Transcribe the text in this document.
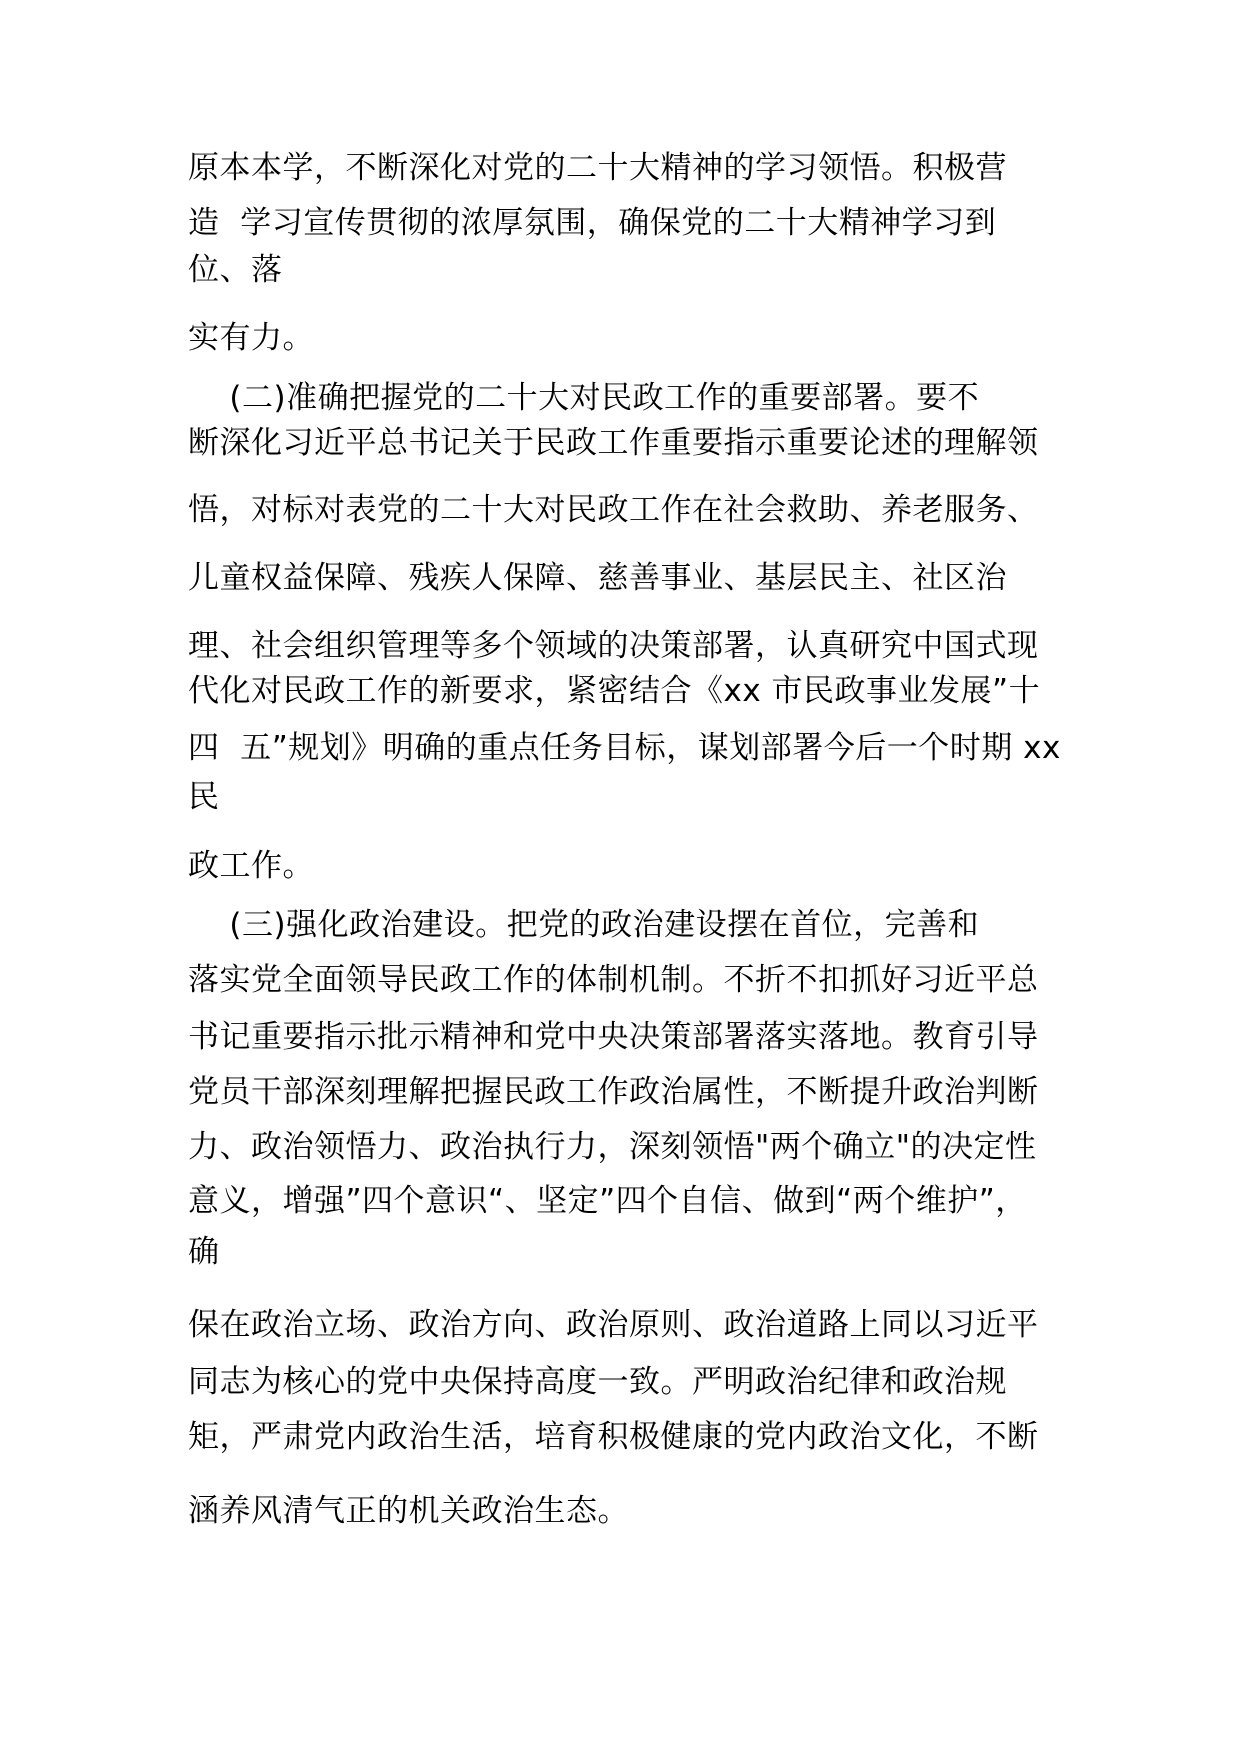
原本本学，不断深化对党的二十大精神的学习领悟。积极营
造  学习宣传贯彻的浓厚氛围，确保党的二十大精神学习到
位、落
实有力。
(二)准确把握党的二十大对民政工作的重要部署。要不
断深化习近平总书记关于民政工作重要指示重要论述的理解领
悟，对标对表党的二十大对民政工作在社会救助、养老服务、
儿童权益保障、残疾人保障、慈善事业、基层民主、社区治
理、社会组织管理等多个领域的决策部署，认真研究中国式现
代化对民政工作的新要求，紧密结合《xx 市民政事业发展”十
四  五”规划》明确的重点任务目标，谋划部署今后一个时期 xx
民
政工作。
(三)强化政治建设。把党的政治建设摆在首位，完善和
落实党全面领导民政工作的体制机制。不折不扣抓好习近平总
书记重要指示批示精神和党中央决策部署落实落地。教育引导
党员干部深刻理解把握民政工作政治属性，不断提升政治判断
力、政治领悟力、政治执行力，深刻领悟"两个确立"的决定性
意义，增强”四个意识“、坚定”四个自信、做到“两个维护”，
确
保在政治立场、政治方向、政治原则、政治道路上同以习近平
同志为核心的党中央保持高度一致。严明政治纪律和政治规
矩，严肃党内政治生活，培育积极健康的党内政治文化，不断
涵养风清气正的机关政治生态。
